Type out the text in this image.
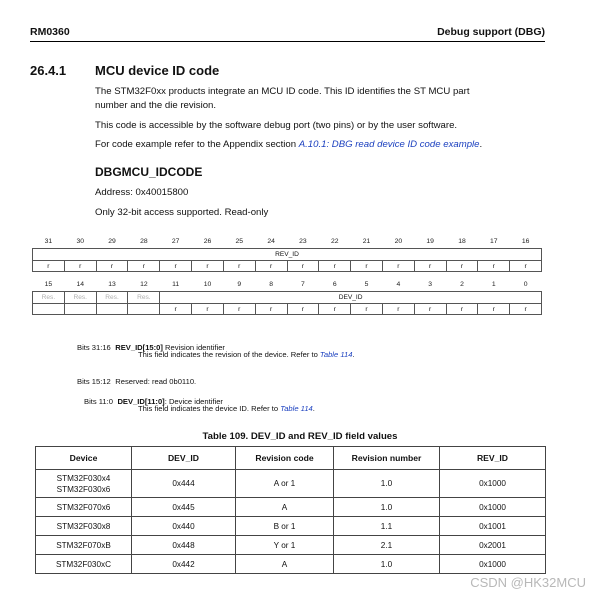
RM0360	Debug support (DBG)
26.4.1 MCU device ID code
The STM32F0xx products integrate an MCU ID code. This ID identifies the ST MCU part
number and the die revision.
This code is accessible by the software debug port (two pins) or by the user software.
For code example refer to the Appendix section A.10.1: DBG read device ID code example.
DBGMCU_IDCODE
Address: 0x40015800
Only 32-bit access supported. Read-only
31	30	29	28	27	26	25	24	23	22	21	20	19	18	17	16
REV_ID															
r	r	r	r	r	r	r	r	r	r	r	r	r	r	r	r
15	14	13	12	11	10	9	8	7	6	5	4	3	2	1	0
Res.	Res.	Res.	Res.	DEV_ID											
				r	r	r	r	r	r	r	r	r	r	r	r
Bits 31:16 REV_ID[15:0] Revision identifier
This field indicates the revision of the device. Refer to Table 114.
Bits 15:12 Reserved: read 0b0110.
Bits 11:0 DEV_ID[11:0]: Device identifier
This field indicates the device ID. Refer to Table 114.
Table 109. DEV_ID and REV_ID field values
Device	DEV_ID	Revision code	Revision number	REV_ID

STM32F030x4
STM32F030x6	0x444	A or 1	1.0	0x1000
STM32F070x6	0x445	A	1.0	0x1000
STM32F030x8	0x440	B or 1	1.1	0x1001
STM32F070xB	0x448	Y or 1	2.1	0x2001
STM32F030xC	0x442	A	1.0	0x1000
CSDN @HK32MCU
